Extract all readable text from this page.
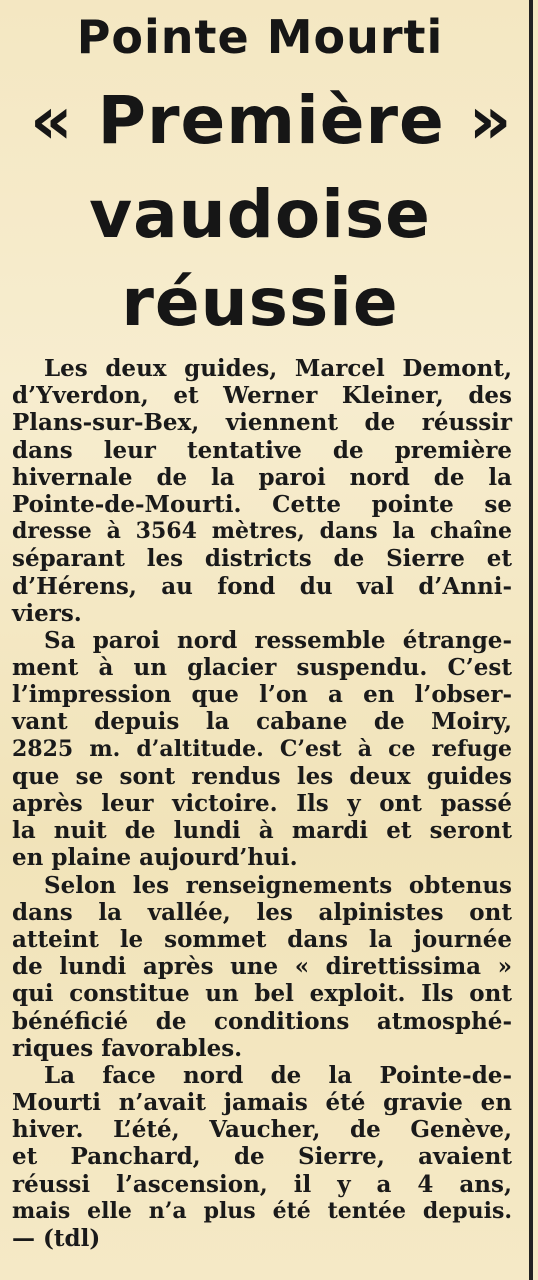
Pointe Mourti
« Première »
vaudoise
réussie
Les deux guides, Marcel Demont,
d’Yverdon, et Werner Kleiner, des
Plans-sur-Bex, viennent de réussir
dans leur tentative de première
hivernale de la paroi nord de la
Pointe-de-Mourti. Cette pointe se
dresse à 3564 mètres, dans la chaîne
séparant les districts de Sierre et
d’Hérens, au fond du val d’Anni-
viers.
Sa paroi nord ressemble étrange-
ment à un glacier suspendu. C’est
l’impression que l’on a en l’obser-
vant depuis la cabane de Moiry,
2825 m. d’altitude. C’est à ce refuge
que se sont rendus les deux guides
après leur victoire. Ils y ont passé
la nuit de lundi à mardi et seront
en plaine aujourd’hui.
Selon les renseignements obtenus
dans la vallée, les alpinistes ont
atteint le sommet dans la journée
de lundi après une « direttissima »
qui constitue un bel exploit. Ils ont
bénéficié de conditions atmosphé-
riques favorables.
La face nord de la Pointe-de-
Mourti n’avait jamais été gravie en
hiver. L’été, Vaucher, de Genève,
et Panchard, de Sierre, avaient
réussi l’ascension, il y a 4 ans,
mais elle n’a plus été tentée depuis.
— (tdl)
